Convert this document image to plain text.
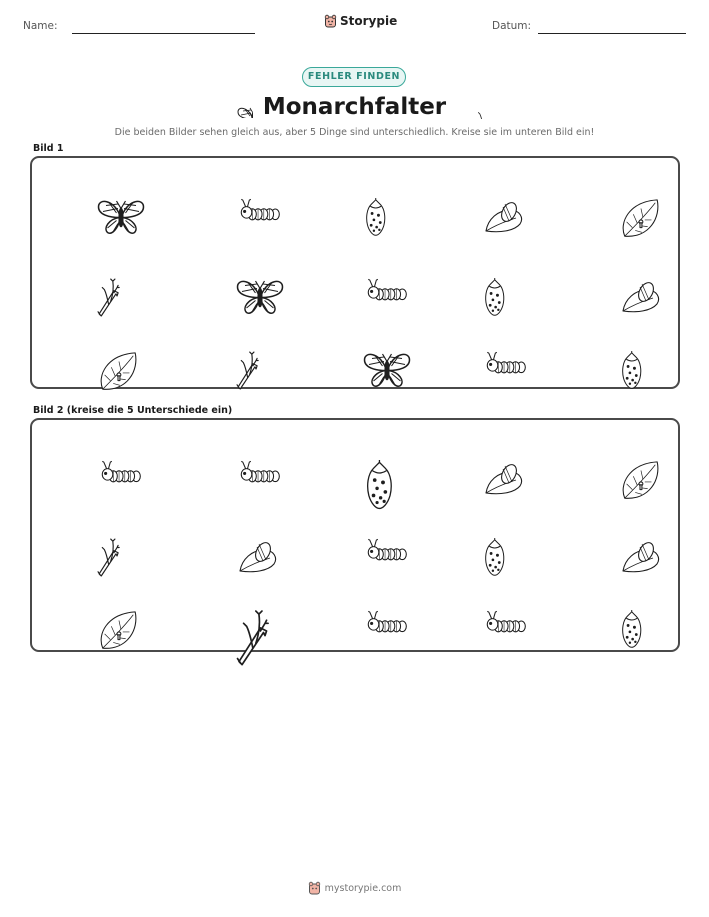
Name:	Storypie	Datum:
FEHLER FINDEN
Monarchfalter
Die beiden Bilder sehen gleich aus, aber 5 Dinge sind unterschiedlich. Kreise sie im unteren Bild ein!
Bild 1
Bild 2 (kreise die 5 Unterschiede ein)
mystorypie.com
